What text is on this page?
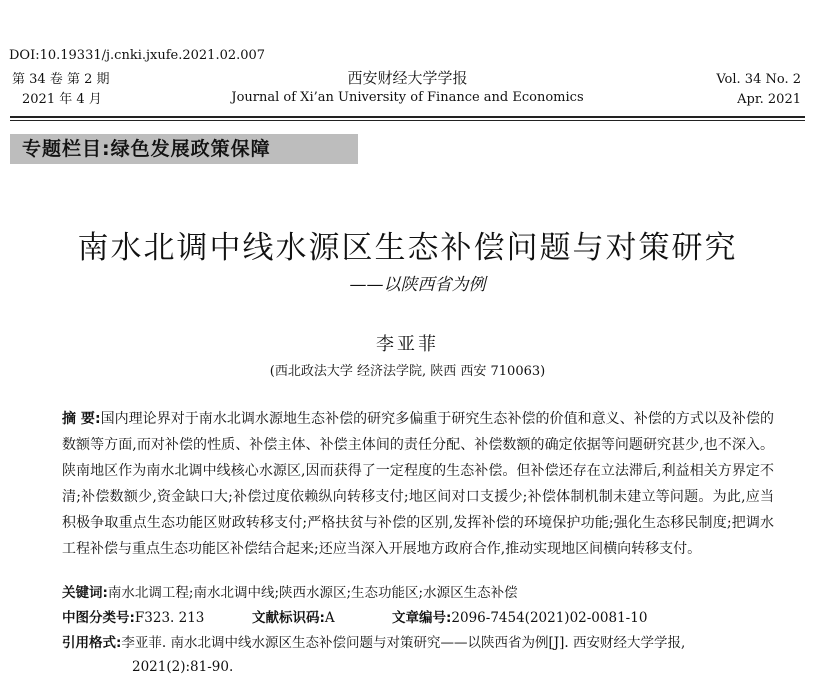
DOI:10.19331/j.cnki.jxufe.2021.02.007
第 34 卷 第 2 期
2021 年 4 月
西安财经大学学报
Journal of Xi’an University of Finance and Economics
Vol. 34 No. 2
Apr. 2021
专题栏目:绿色发展政策保障
南水北调中线水源区生态补偿问题与对策研究
——以陕西省为例
李亚菲
(西北政法大学 经济法学院, 陕西 西安 710063)
摘 要:国内理论界对于南水北调水源地生态补偿的研究多偏重于研究生态补偿的价值和意义、补偿的方式以及补偿的数额等方面,而对补偿的性质、补偿主体、补偿主体间的责任分配、补偿数额的确定依据等问题研究甚少,也不深入。陕南地区作为南水北调中线核心水源区,因而获得了一定程度的生态补偿。但补偿还存在立法滞后,利益相关方界定不清;补偿数额少,资金缺口大;补偿过度依赖纵向转移支付;地区间对口支援少;补偿体制机制未建立等问题。为此,应当积极争取重点生态功能区财政转移支付;严格扶贫与补偿的区别,发挥补偿的环境保护功能;强化生态移民制度;把调水工程补偿与重点生态功能区补偿结合起来;还应当深入开展地方政府合作,推动实现地区间横向转移支付。
关键词:南水北调工程;南水北调中线;陕西水源区;生态功能区;水源区生态补偿
中图分类号:F323. 213	文献标识码:A	文章编号:2096-7454(2021)02-0081-10
引用格式:李亚菲. 南水北调中线水源区生态补偿问题与对策研究——以陕西省为例[J]. 西安财经大学学报,
2021(2):81-90.
